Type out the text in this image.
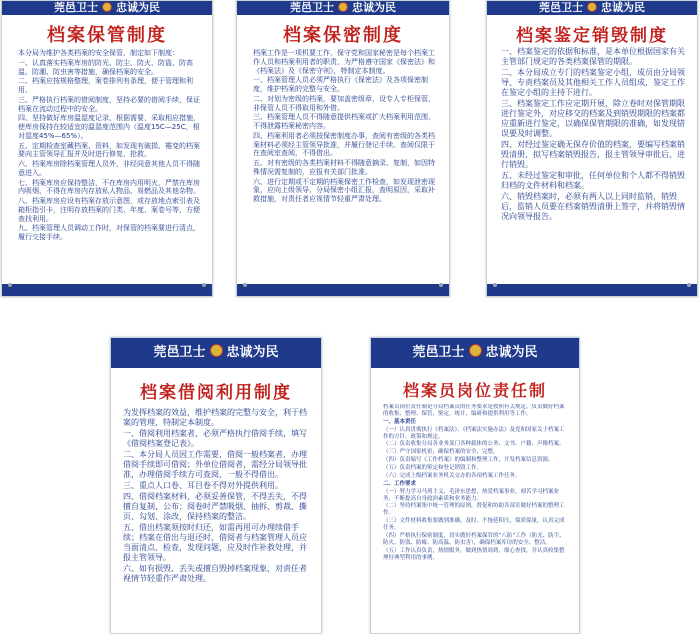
莞邑卫士 忠诚为民
档案保管制度

本分局为维护各类档案的安全保管，制定如下制度：

一、认真落实档案库房的防光、防尘、防火、防盗、防高温、防潮、防虫害等措施，确保档案的安全。

二、档案应按规格整理，案卷排列有条理，便于管理和利用。

三、严格执行档案的借阅制度，坚持必要的借阅手续，保证档案在流动过程中的安全。

四、坚持做好库房温湿度记录，根据需要，采取相应措施，使库房保持在较适宜的温湿度范围内（温度15C—25C，相对湿度45%—65%）。

五、定期检查室藏档案、资料，如发现有破损、霉变的档案要向主管领导汇报并及时进行修复、抢救。

六、档案库房除档案管理人员外，非经同意其他人员不得随意进入。

七、档案库房应保持整洁，不在库房内用明火，严禁在库房内吸烟，不得在库房内存放私人物品、易燃品及其他杂物。

八、档案库房应设有档案存放示意图，或存放地点索引表及箱柜指引卡，注明存放档案的门类、年度、案卷号等，方便查找利用。

九、档案管理人员调动工作时，对保管的档案要进行清点，履行交接手续。

莞邑卫士 忠诚为民
档案保密制度

档案工作是一项机要工作，保守党和国家秘密是每个档案工作人员和档案利用者的职责，为严格遵守国家《保密法》和《档案法》及《保密守则》，特制定本制度。

一、档案管理人员必须严格执行《保密法》及各项保密制度，维护档案的完整与安全。

二、对划为密级的档案，要加盖密级章，设专人专柜保管，非保管人员不得取用和外借。

三、档案管理人员不得随意提供档案或扩大档案利用范围，不得泄露档案秘密内容。

四、档案利用者必须按保密制度办事，查阅有密级的各类档案材料必须经主管领导批准，并履行登记手续。查阅仅限于在查阅室查阅，不得借出。

五、对有密级的各类档案材料不得随意摘录、复制，如因特殊情况需复制的，应报有关部门批准。

六、进行定期或不定期的档案保密工作检查，如发现泄密现象，应向上级领导、分局保密小组汇报，查明原因，采取补救措施，对责任者应视情节轻重严肃处理。

莞邑卫士 忠诚为民
档案鉴定销毁制度

一、档案鉴定的依据和标准，是本单位根据国家有关主管部门规定的各类档案保管的期限。

二、本分局成立专门的档案鉴定小组，成员由分局领导、专责档案员及其他相关工作人员组成，鉴定工作在鉴定小组的主持下进行。

三、档案鉴定工作应定期开展，除立卷时对保管期限进行鉴定外，对应移交的档案及到销毁期限的档案都应重新进行鉴定，以确保保管期限的准确，如发现错误要及时调整。

四、对经过鉴定确无保存价值的档案，要编写档案销毁清册，拟写档案销毁报告，报主管领导审批后，进行销毁。

五、未经过鉴定和审批，任何单位和个人都不得销毁归档的文件材料和档案。

六、销毁档案时，必须有两人以上同时监销，销毁后，监销人员要在档案销毁清册上签字，并将销毁情况向领导报告。

莞邑卫士 忠诚为民
档案借阅利用制度

为发挥档案的效益，维护档案的完整与安全，利于档案的管理，特制定本制度。

一、借阅利用档案者，必须严格执行借阅手续，填写《借阅档案登记表》。

二、本分局人员因工作需要，借阅一般档案者，办理借阅手续即可借阅；外单位借阅者，需经分局领导批准，办理借阅手续方可查阅，一般不得借出。

三、重点人口卷、耳目卷不得对外提供利用。

四、借阅档案材料，必须妥善保管，不得丢失，不得擅自复制、公布；阅卷时严禁吸烟、抽拆、剪裁、撕页、勾划、涂改，保持档案的整洁。

五、借出档案须按时归还，如需再用可办理续借手续；档案在借出与退还时，借阅者与档案管理人员应当面清点、检查，发现问题，应及时作补救处理，并报主管领导。

六、如有损毁、丢失或擅自毁掉档案现象，对责任者视情节轻重作严肃处理。

莞邑卫士 忠诚为民
档案员岗位责任制

档案员岗位责任制是分局档案员的任务要求是按照有关规定，负责做好档案的收集、整理、保管、鉴定、统计、编研和提供利用等工作。

一、基本责任

（一）认真贯彻执行《档案法》、《档案法实施办法》及党和国家关于档案工作的方针、政策和规定。

（二）负责收集分局各业务部门各种载体的公务、文书、户籍、声像档案。

（三）严守国家机密，确保档案的安全、完整。

（四）负责编写《工作档案》的编制和整理工作，开发档案信息资源。

（五）负责档案的鉴定和登记销毁工作。

（六）完成上级档案业务机关交办的各项档案工作任务。

二、工作要求

（一）努力学习马列主义、毛泽东思想，热爱档案事业，刻苦学习档案业务，不断提高自身政治素质和业务能力。

（二）坚持档案集中统一管理的原则，督促和协助各部室做好档案的整理工作。

（三）文件材料收集要做到准确、及时、不拖延积压，保质保量，认真完成任务。

（四）严格执行保密制度，切实做好档案保管的“八防”工作（防光、防尘、防火、防盗、防霉、防高温、防虫害），确保档案库房的安全、整洁。

（五）工作认真负责，热情服务，做到热情周到，细心查找，并认真收集整理好典型利用的事例。
